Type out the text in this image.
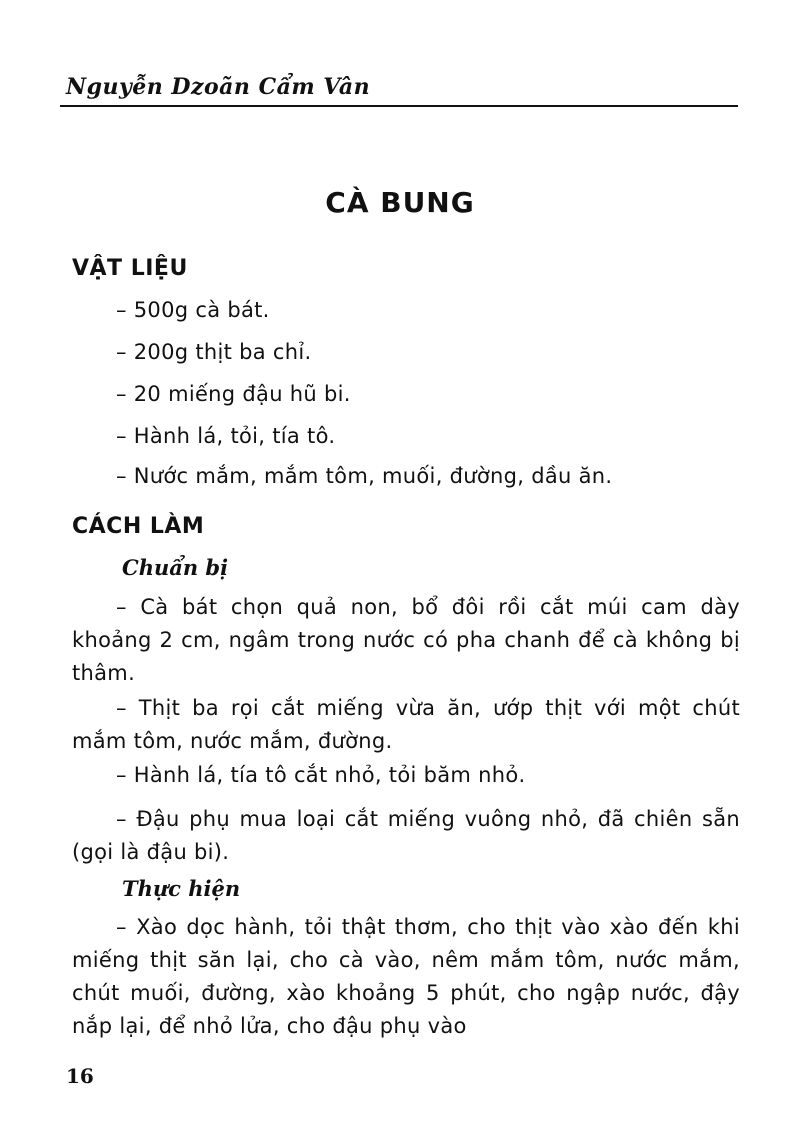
Nguyễn Dzoãn Cẩm Vân
CÀ BUNG
VẬT LIỆU
– 500g cà bát.
– 200g thịt ba chỉ.
– 20 miếng đậu hũ bi.
– Hành lá, tỏi, tía tô.
– Nước mắm, mắm tôm, muối, đường, dầu ăn.
CÁCH LÀM
Chuẩn bị

– Cà bát chọn quả non, bổ đôi rồi cắt múi cam dày khoảng 2 cm, ngâm trong nước có pha chanh để cà không bị thâm.

– Thịt ba rọi cắt miếng vừa ăn, ướp thịt với một chút mắm tôm, nước mắm, đường.

– Hành lá, tía tô cắt nhỏ, tỏi băm nhỏ.

– Đậu phụ mua loại cắt miếng vuông nhỏ, đã chiên sẵn (gọi là đậu bi).

Thực hiện

– Xào dọc hành, tỏi thật thơm, cho thịt vào xào đến khi miếng thịt săn lại, cho cà vào, nêm mắm tôm, nước mắm, chút muối, đường, xào khoảng 5 phút, cho ngập nước, đậy nắp lại, để nhỏ lửa, cho đậu phụ vào

16
